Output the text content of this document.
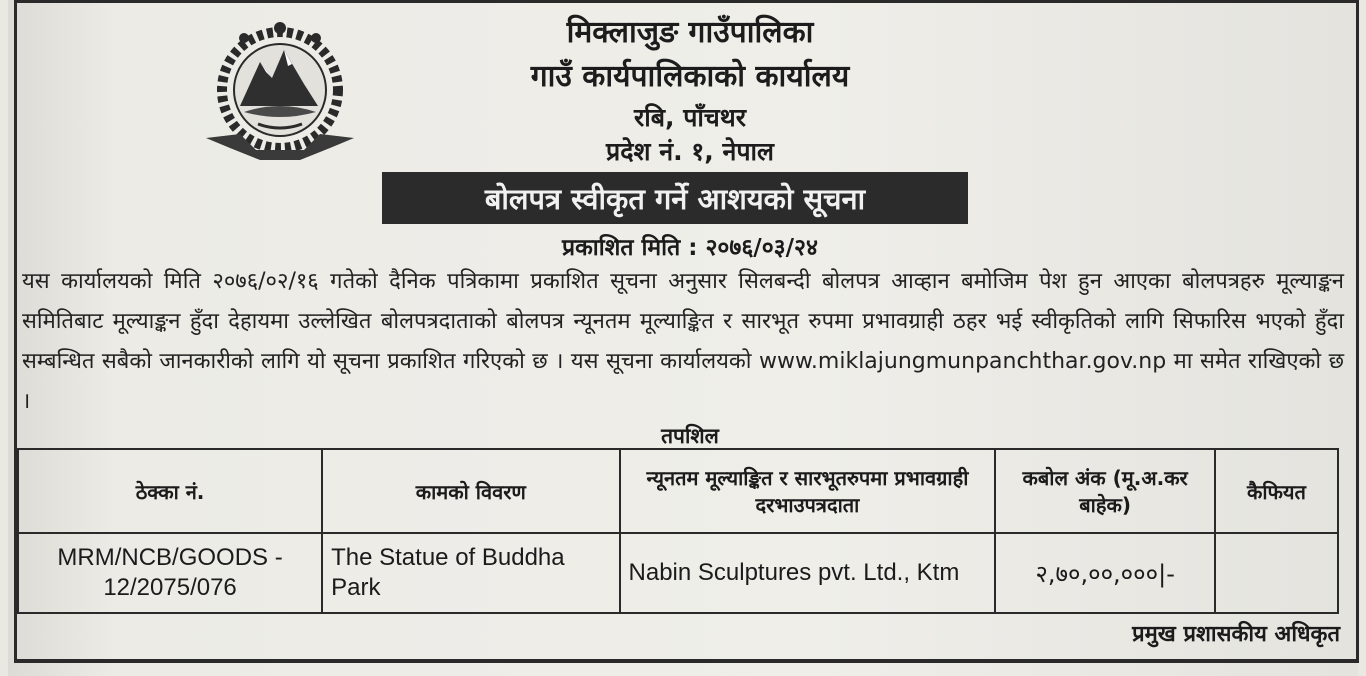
मिक्लाजुङ गाउँपालिका
गाउँ कार्यपालिकाको कार्यालय
रबि, पाँचथर
प्रदेश नं. १, नेपाल
बोलपत्र स्वीकृत गर्ने आशयको सूचना
प्रकाशित मिति : २०७६/०३/२४
यस कार्यालयको मिति २०७६/०२/१६ गतेको दैनिक पत्रिकामा प्रकाशित सूचना अनुसार सिलबन्दी बोलपत्र आव्हान बमोजिम पेश हुन आएका बोलपत्रहरु मूल्याङ्कन समितिबाट मूल्याङ्कन हुँदा देहायमा उल्लेखित बोलपत्रदाताको बोलपत्र न्यूनतम मूल्याङ्कित र सारभूत रुपमा प्रभावग्राही ठहर भई स्वीकृतिको लागि सिफारिस भएको हुँदा सम्बन्धित सबैको जानकारीको लागि यो सूचना प्रकाशित गरिएको छ । यस सूचना कार्यालयको www.miklajungmunpanchthar.gov.np मा समेत राखिएको छ ।
तपशिल
ठेक्का नं.	कामको विवरण	न्यूनतम मूल्याङ्कित र सारभूतरुपमा प्रभावग्राही दरभाउपत्रदाता	कबोल अंक (मू.अ.कर बाहेक)	कैफियत
MRM/NCB/GOODS - 12/2075/076	The Statue of Buddha Park	Nabin Sculptures pvt. Ltd., Ktm	२,७०,००,०००|-	
प्रमुख प्रशासकीय अधिकृत
